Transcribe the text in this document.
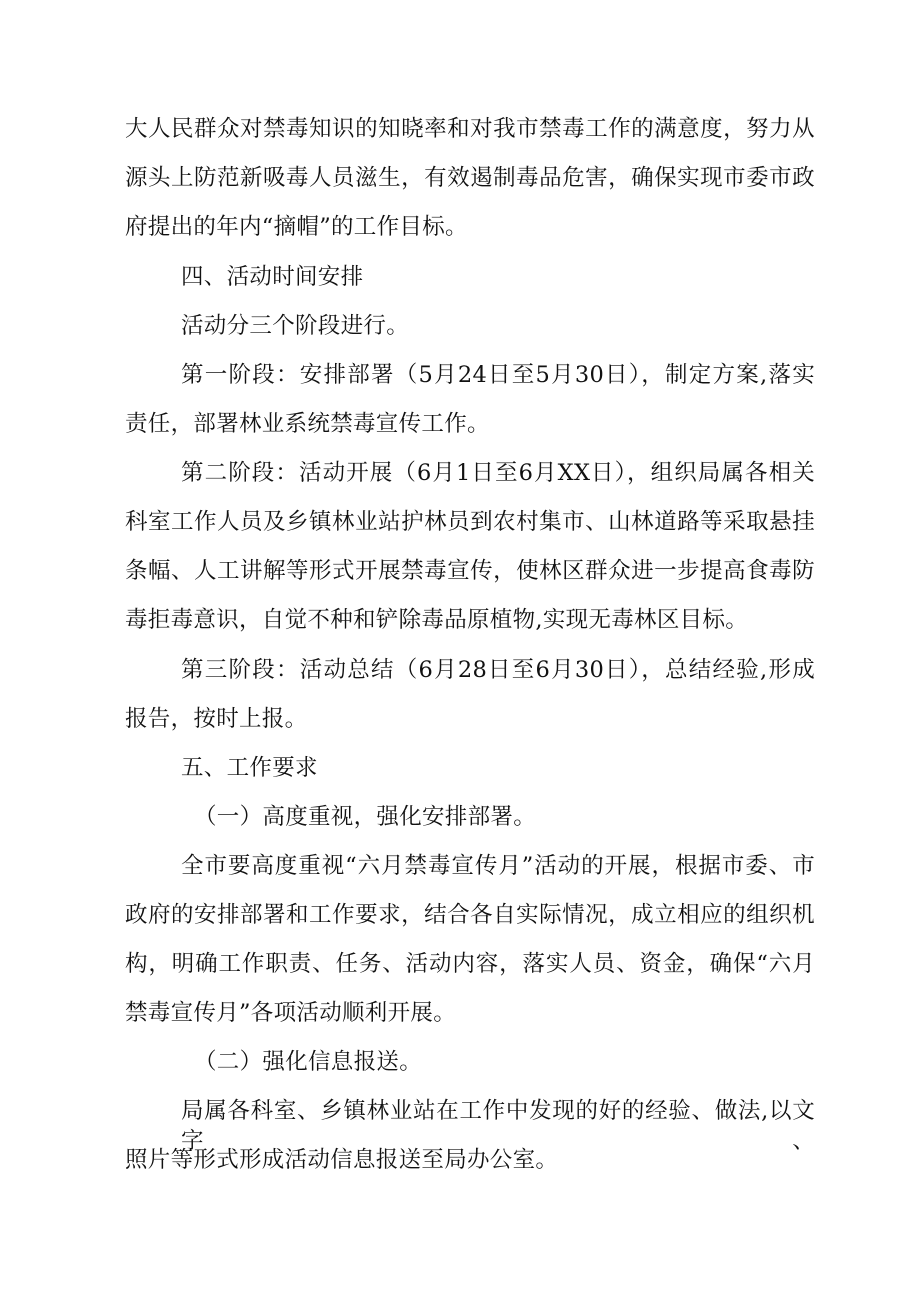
大人民群众对禁毒知识的知晓率和对我市禁毒工作的满意度，努力从
源头上防范新吸毒人员滋生，有效遏制毒品危害，确保实现市委市政
府提出的年内“摘帽”的工作目标。
四、活动时间安排
活动分三个阶段进行。
第一阶段：安排部署（5月24日至5月30日），制定方案,落实
责任，部署林业系统禁毒宣传工作。
第二阶段：活动开展（6月1日至6月XX日），组织局属各相关
科室工作人员及乡镇林业站护林员到农村集市、山林道路等采取悬挂
条幅、人工讲解等形式开展禁毒宣传，使林区群众进一步提高食毒防
毒拒毒意识，自觉不种和铲除毒品原植物,实现无毒林区目标。
第三阶段：活动总结（6月28日至6月30日），总结经验,形成
报告，按时上报。
五、工作要求
（一）高度重视，强化安排部署。
全市要高度重视“六月禁毒宣传月”活动的开展，根据市委、市
政府的安排部署和工作要求，结合各自实际情况，成立相应的组织机
构，明确工作职责、任务、活动内容，落实人员、资金，确保“六月
禁毒宣传月”各项活动顺利开展。
（二）强化信息报送。
局属各科室、乡镇林业站在工作中发现的好的经验、做法,以文字、
照片等形式形成活动信息报送至局办公室。
